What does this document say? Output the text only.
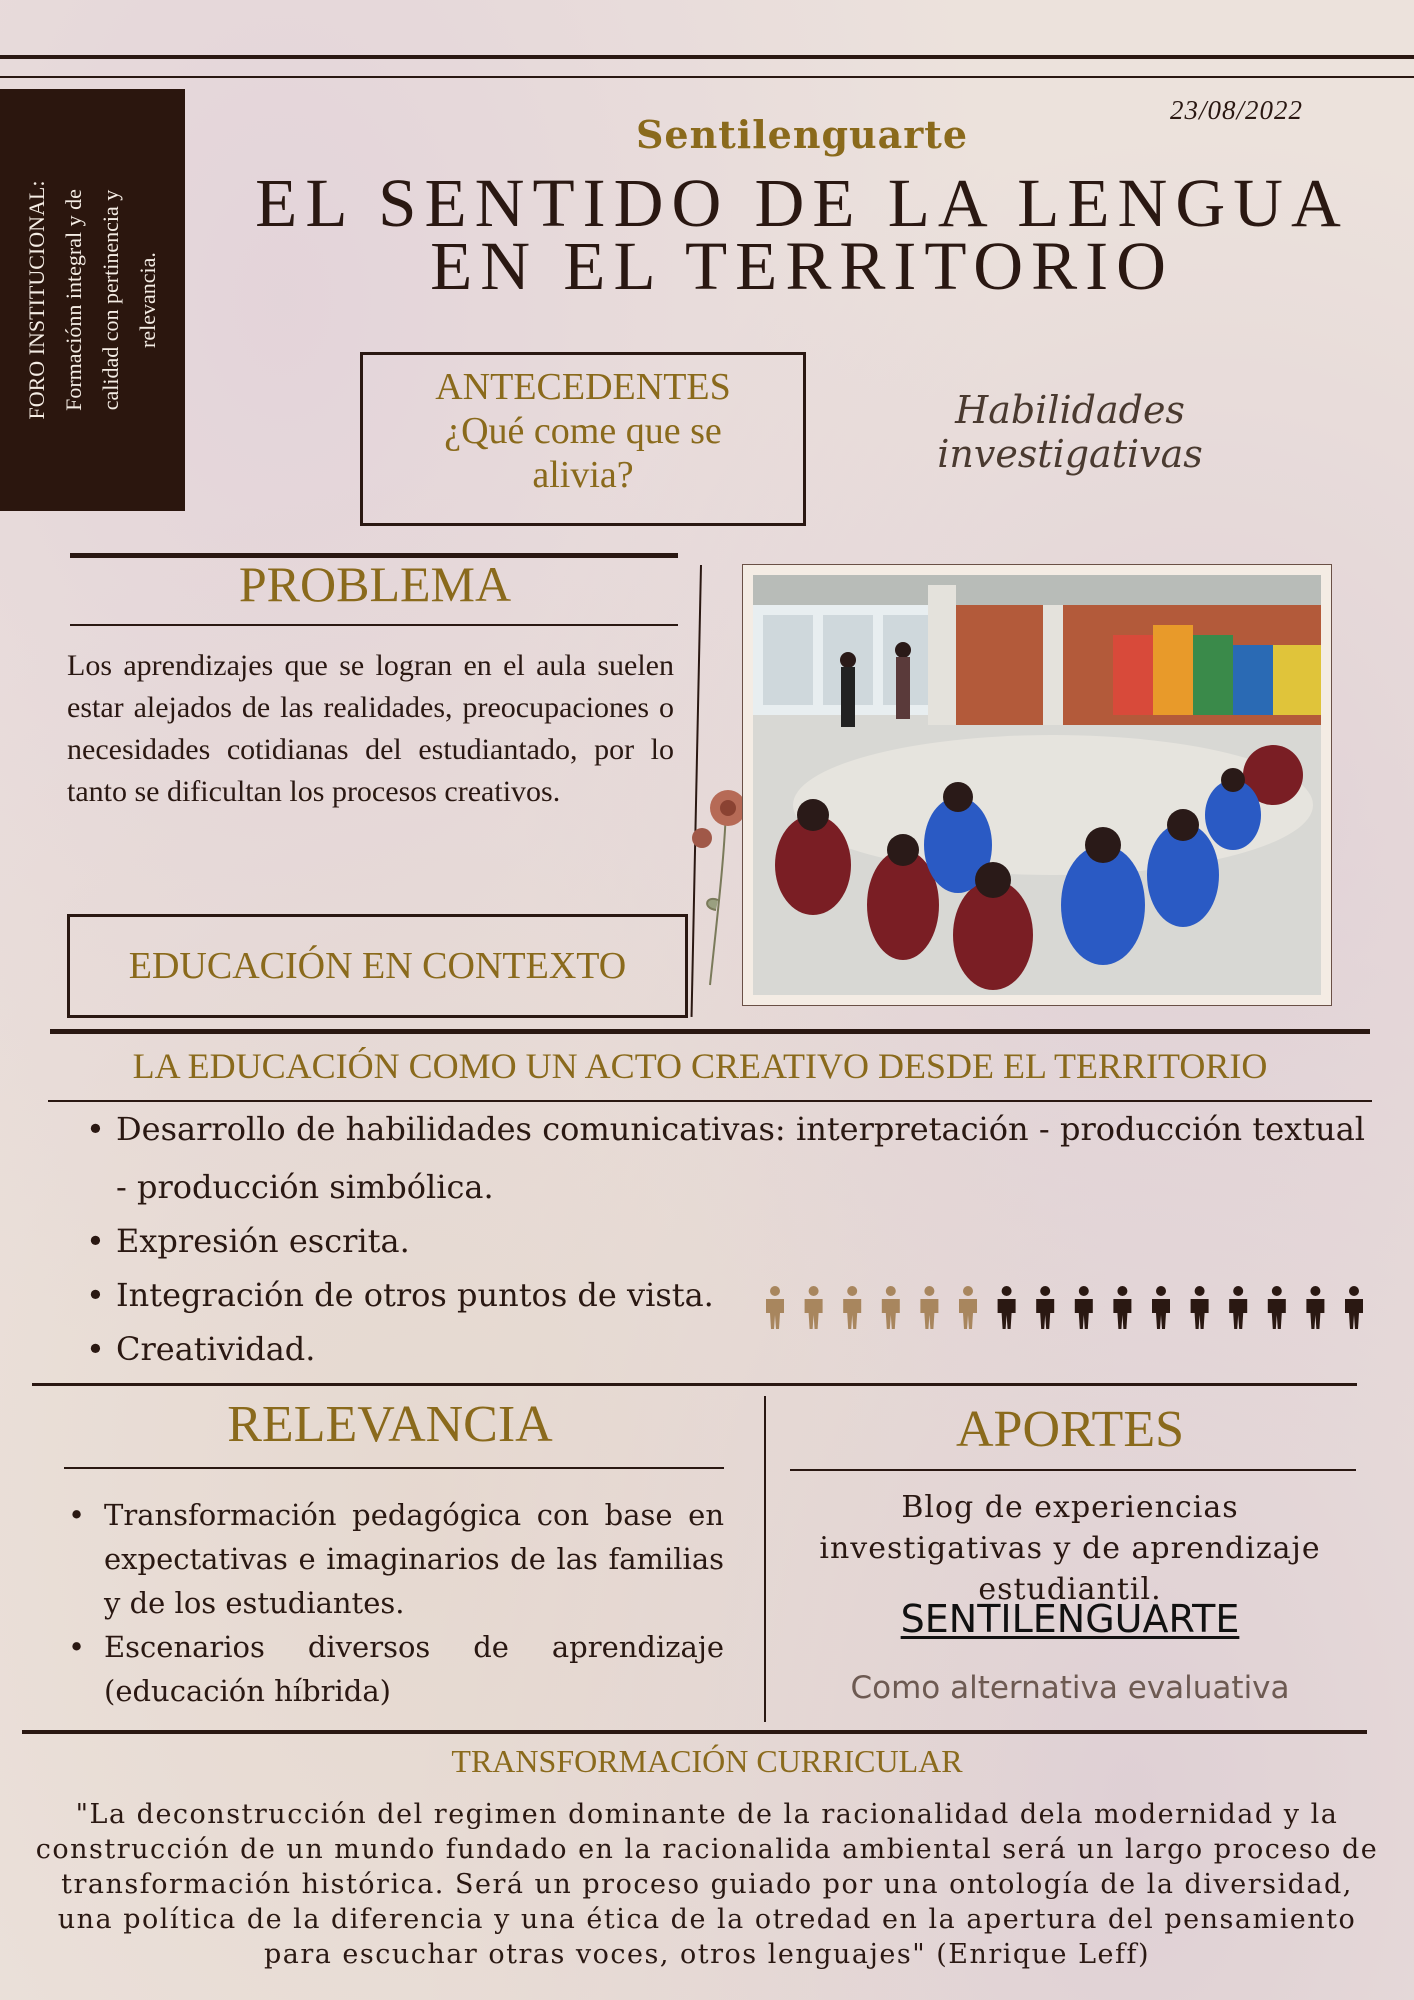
FORO INSTITUCIONAL: Formaciónn integral y de calidad con pertinencia y relevancia.
23/08/2022
Sentilenguarte
EL SENTIDO DE LA LENGUA
EN EL TERRITORIO
ANTECEDENTES
¿Qué come que se
alivia?
Habilidades
investigativas
PROBLEMA
Los aprendizajes que se logran en el aula suelen estar alejados de las realidades, preocupaciones o necesidades cotidianas del estudiantado, por lo tanto se dificultan los procesos creativos.
EDUCACIÓN EN CONTEXTO
LA EDUCACIÓN COMO UN ACTO CREATIVO DESDE EL TERRITORIO
• Desarrollo de habilidades comunicativas: interpretación - producción textual - producción simbólica.
• Expresión escrita.
• Integración de otros puntos de vista.
• Creatividad.
RELEVANCIA
• Transformación pedagógica con base en expectativas e imaginarios de las familias y de los estudiantes.
• Escenarios diversos de aprendizaje (educación híbrida)
APORTES
Blog de experiencias investigativas y de aprendizaje estudiantil.
SENTILENGUARTE
Como alternativa evaluativa
TRANSFORMACIÓN CURRICULAR
"La deconstrucción del regimen dominante de la racionalidad dela modernidad y la construcción de un mundo fundado en la racionalida ambiental será un largo proceso de transformación histórica. Será un proceso guiado por una ontología de la diversidad, una política de la diferencia y una ética de la otredad en la apertura del pensamiento para escuchar otras voces, otros lenguajes" (Enrique Leff)
